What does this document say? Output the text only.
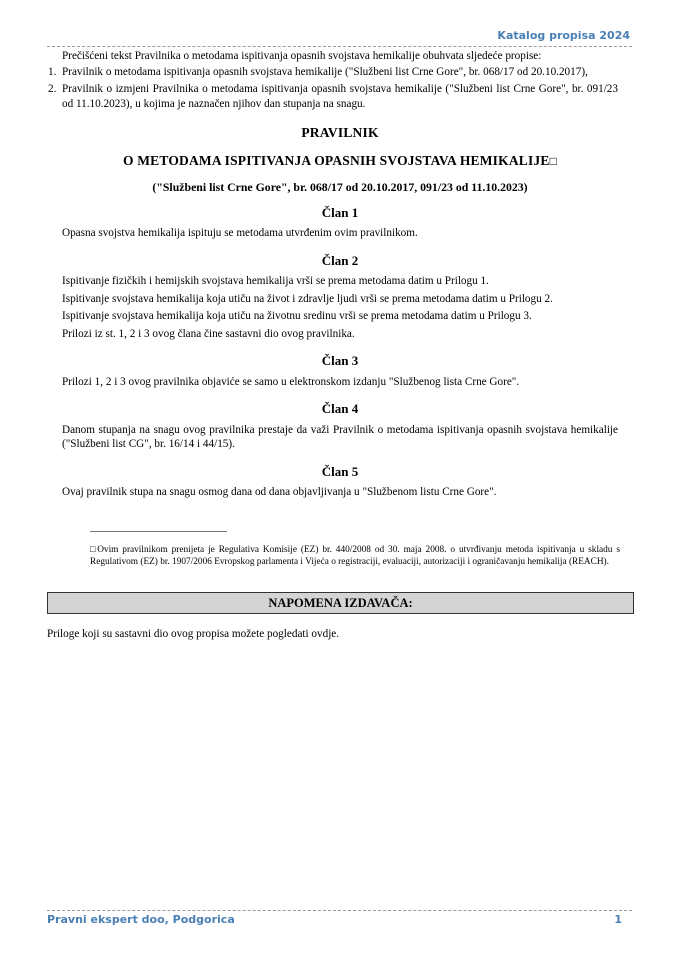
Katalog propisa 2024

Prečišćeni tekst Pravilnika o metodama ispitivanja opasnih svojstava hemikalije obuhvata sljedeće propise:

1. Pravilnik o metodama ispitivanja opasnih svojstava hemikalije ("Službeni list Crne Gore", br. 068/17 od 20.10.2017),
2. Pravilnik o izmjeni Pravilnika o metodama ispitivanja opasnih svojstava hemikalije ("Službeni list Crne Gore", br. 091/23 od 11.10.2023), u kojima je naznačen njihov dan stupanja na snagu.

PRAVILNIK

O METODAMA ISPITIVANJA OPASNIH SVOJSTAVA HEMIKALIJE□

("Službeni list Crne Gore", br. 068/17 od 20.10.2017, 091/23 od 11.10.2023)

Član 1

Opasna svojstva hemikalija ispituju se metodama utvrđenim ovim pravilnikom.

Član 2

Ispitivanje fizičkih i hemijskih svojstava hemikalija vrši se prema metodama datim u Prilogu 1.

Ispitivanje svojstava hemikalija koja utiču na život i zdravlje ljudi vrši se prema metodama datim u Prilogu 2.

Ispitivanje svojstava hemikalija koja utiču na životnu sredinu vrši se prema metodama datim u Prilogu 3.

Prilozi iz st. 1, 2 i 3 ovog člana čine sastavni dio ovog pravilnika.

Član 3

Prilozi 1, 2 i 3 ovog pravilnika objaviće se samo u elektronskom izdanju "Službenog lista Crne Gore".

Član 4

Danom stupanja na snagu ovog pravilnika prestaje da važi Pravilnik o metodama ispitivanja opasnih svojstava hemikalije ("Službeni list CG", br. 16/14 i 44/15).

Član 5

Ovaj pravilnik stupa na snagu osmog dana od dana objavljivanja u "Službenom listu Crne Gore".

□Ovim pravilnikom prenijeta je Regulativa Komisije (EZ) br. 440/2008 od 30. maja 2008. o utvrđivanju metoda ispitivanja u skladu s Regulativom (EZ) br. 1907/2006 Evropskog parlamenta i Vijeća o registraciji, evaluaciji, autorizaciji i ograničavanju hemikalija (REACH).
NAPOMENA IZDAVAČA:

Priloge koji su sastavni dio ovog propisa možete pogledati ovdje.

Pravni ekspert doo, Podgorica	1
